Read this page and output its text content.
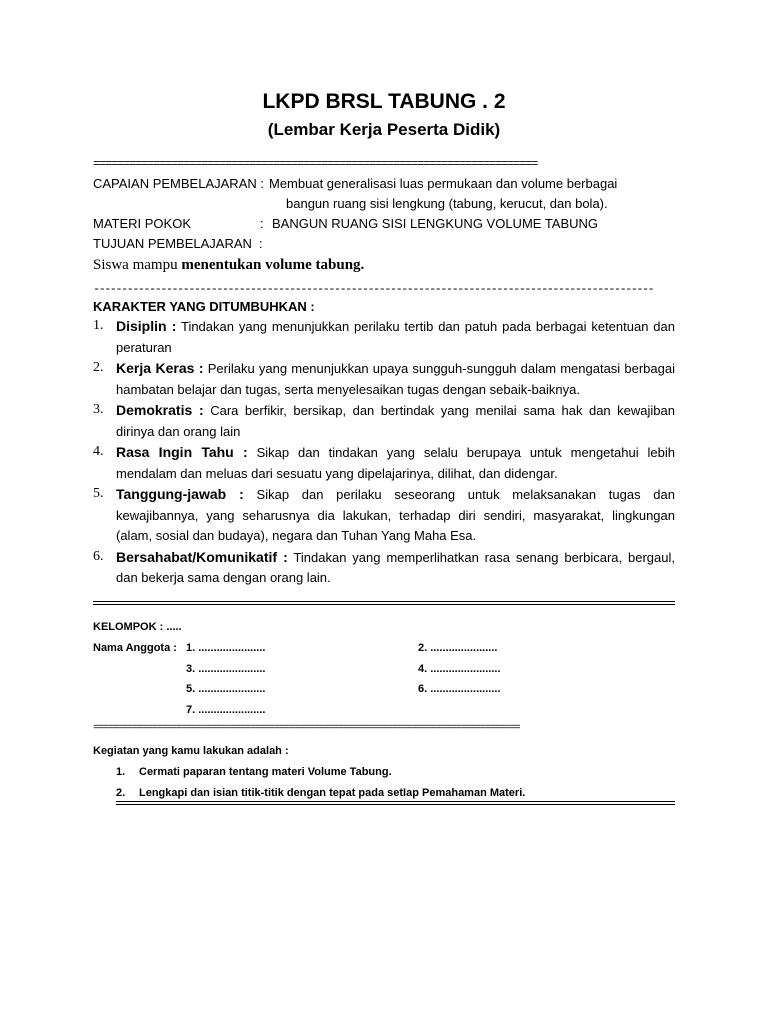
LKPD BRSL TABUNG . 2
(Lembar Kerja Peserta Didik)
==========================================================================
CAPAIAN PEMBELAJARAN : Membuat generalisasi luas permukaan dan volume berbagai
bangun ruang sisi lengkung (tabung, kerucut, dan bola).
MATERI POKOK	: BANGUN RUANG SISI LENGKUNG VOLUME TABUNG
TUJUAN PEMBELAJARAN :
Siswa mampu menentukan volume tabung.
----------------------------------------------------------------------------------------------------
KARAKTER YANG DITUMBUHKAN :
1. Disiplin : Tindakan yang menunjukkan perilaku tertib dan patuh pada berbagai ketentuan dan peraturan
2. Kerja Keras : Perilaku yang menunjukkan upaya sungguh-sungguh dalam mengatasi berbagai hambatan belajar dan tugas, serta menyelesaikan tugas dengan sebaik-baiknya.
3. Demokratis : Cara berfikir, bersikap, dan bertindak yang menilai sama hak dan kewajiban dirinya dan orang lain
4. Rasa Ingin Tahu : Sikap dan tindakan yang selalu berupaya untuk mengetahui lebih mendalam dan meluas dari sesuatu yang dipelajarinya, dilihat, dan didengar.
5. Tanggung-jawab : Sikap dan perilaku seseorang untuk melaksanakan tugas dan kewajibannya, yang seharusnya dia lakukan, terhadap diri sendiri, masyarakat, lingkungan (alam, sosial dan budaya), negara dan Tuhan Yang Maha Esa.
6. Bersahabat/Komunikatif : Tindakan yang memperlihatkan rasa senang berbicara, bergaul, dan bekerja sama dengan orang lain.
KELOMPOK : .....
Nama Anggota : 1. ......................	2. ......................
3. ......................	4. .......................
5. ......................	6. .......................
7. ......................
=======================================================================================
Kegiatan yang kamu lakukan adalah :
1. Cermati paparan tentang materi Volume Tabung.
2. Lengkapi dan isian titik-titik dengan tepat pada setIap Pemahaman Materi.
